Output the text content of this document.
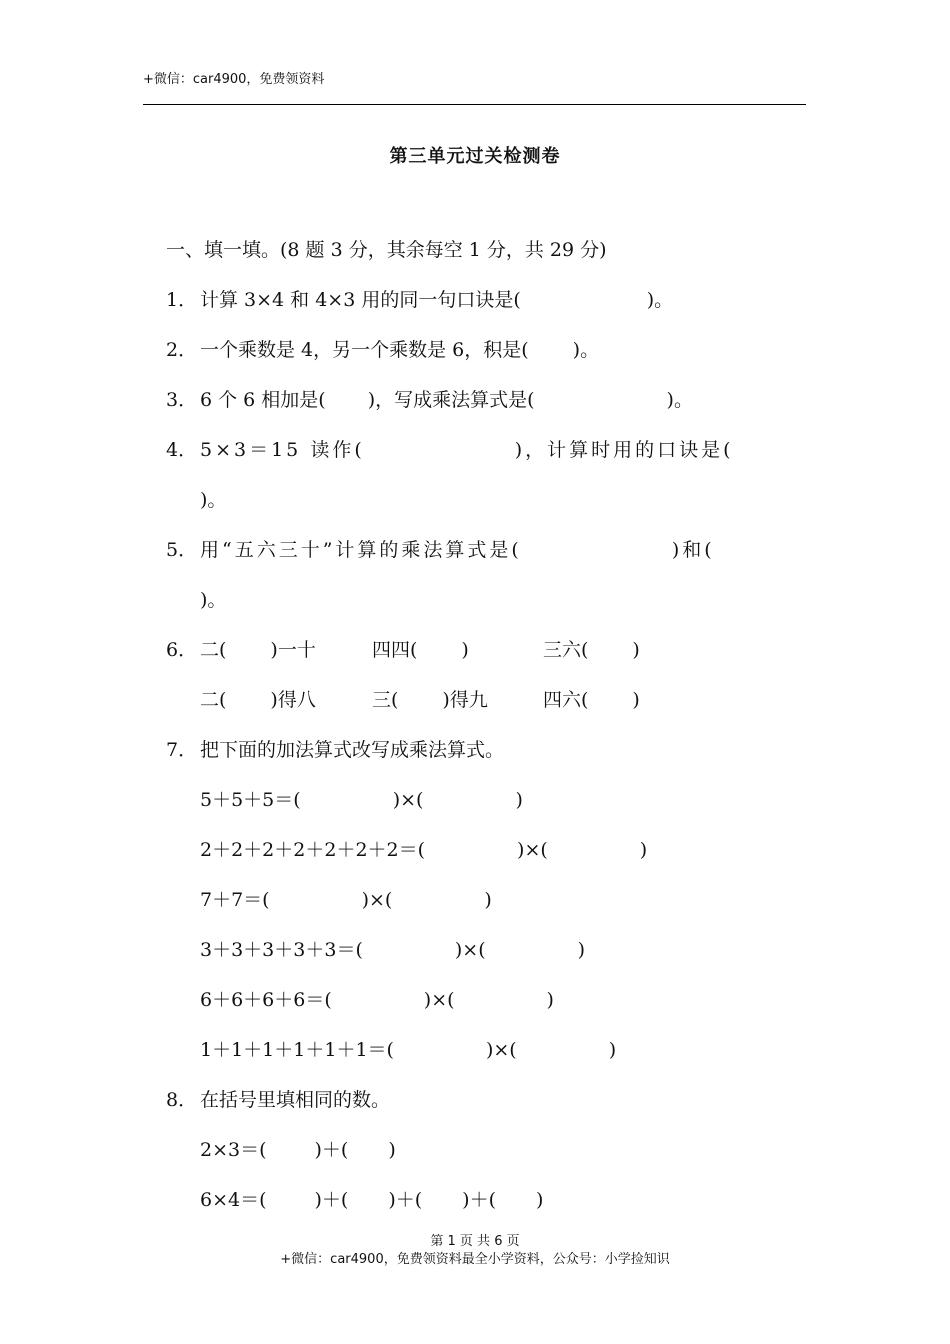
+微信：car4900，免费领资料
第三单元过关检测卷
一、填一填。(8 题 3 分，其余每空 1 分，共 29 分)
1． 计算 3×4 和 4×3 用的同一句口诀是(	)。
2． 一个乘数是 4，另一个乘数是 6，积是( )。
3． 6 个 6 相加是( )，写成乘法算式是(	)。
4． 5×3＝15 读作(	)，计算时用的口诀是(
)。
5． 用“五六三十”计算的乘法算式是(	)和(
)。
6． 二( )一十	四四( )	三六( )
二( )得八	三( )得九	四六( )
7． 把下面的加法算式改写成乘法算式。
5＋5＋5＝(	)×(	)
2＋2＋2＋2＋2＋2＋2＝(	)×(	)
7＋7＝(	)×(	)
3＋3＋3＋3＋3＝(	)×(	)
6＋6＋6＋6＝(	)×(	)
1＋1＋1＋1＋1＋1＝(	)×(	)
8． 在括号里填相同的数。
2×3＝(	)＋( )
6×4＝(	)＋( )＋( )＋( )
第 1 页 共 6 页
+微信：car4900，免费领资料最全小学资料，公众号：小学捡知识
